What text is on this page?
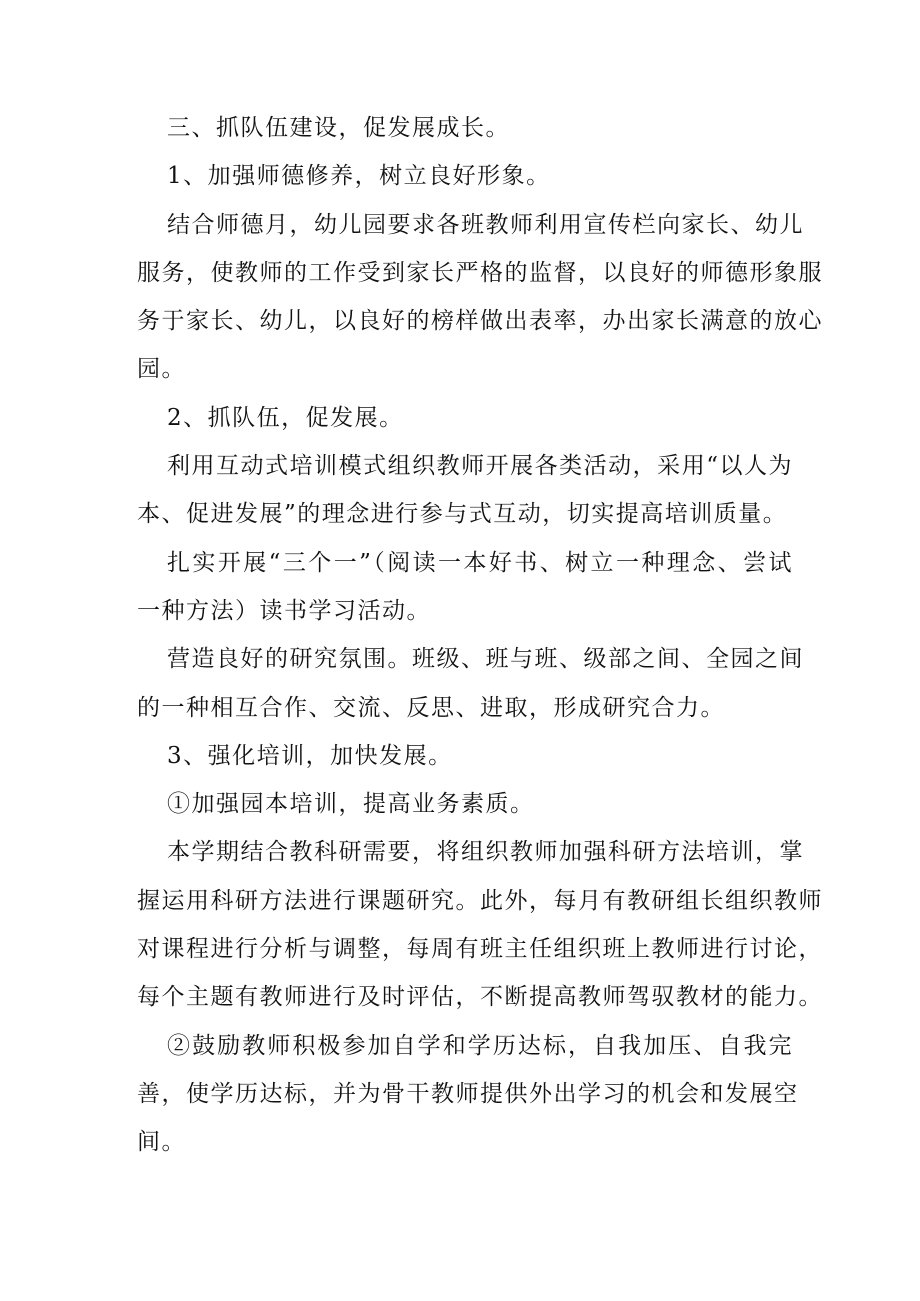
三、抓队伍建设，促发展成长。
1、加强师德修养，树立良好形象。
结合师德月，幼儿园要求各班教师利用宣传栏向家长、幼儿
服务，使教师的工作受到家长严格的监督，以良好的师德形象服
务于家长、幼儿，以良好的榜样做出表率，办出家长满意的放心
园。
2、抓队伍，促发展。
利用互动式培训模式组织教师开展各类活动，采用“以人为
本、促进发展”的理念进行参与式互动，切实提高培训质量。
扎实开展“三个一”（阅读一本好书、树立一种理念、尝试
一种方法）读书学习活动。
营造良好的研究氛围。班级、班与班、级部之间、全园之间
的一种相互合作、交流、反思、进取，形成研究合力。
3、强化培训，加快发展。
①加强园本培训，提高业务素质。
本学期结合教科研需要，将组织教师加强科研方法培训，掌
握运用科研方法进行课题研究。此外，每月有教研组长组织教师
对课程进行分析与调整，每周有班主任组织班上教师进行讨论，
每个主题有教师进行及时评估，不断提高教师驾驭教材的能力。
②鼓励教师积极参加自学和学历达标，自我加压、自我完
善，使学历达标，并为骨干教师提供外出学习的机会和发展空
间。
